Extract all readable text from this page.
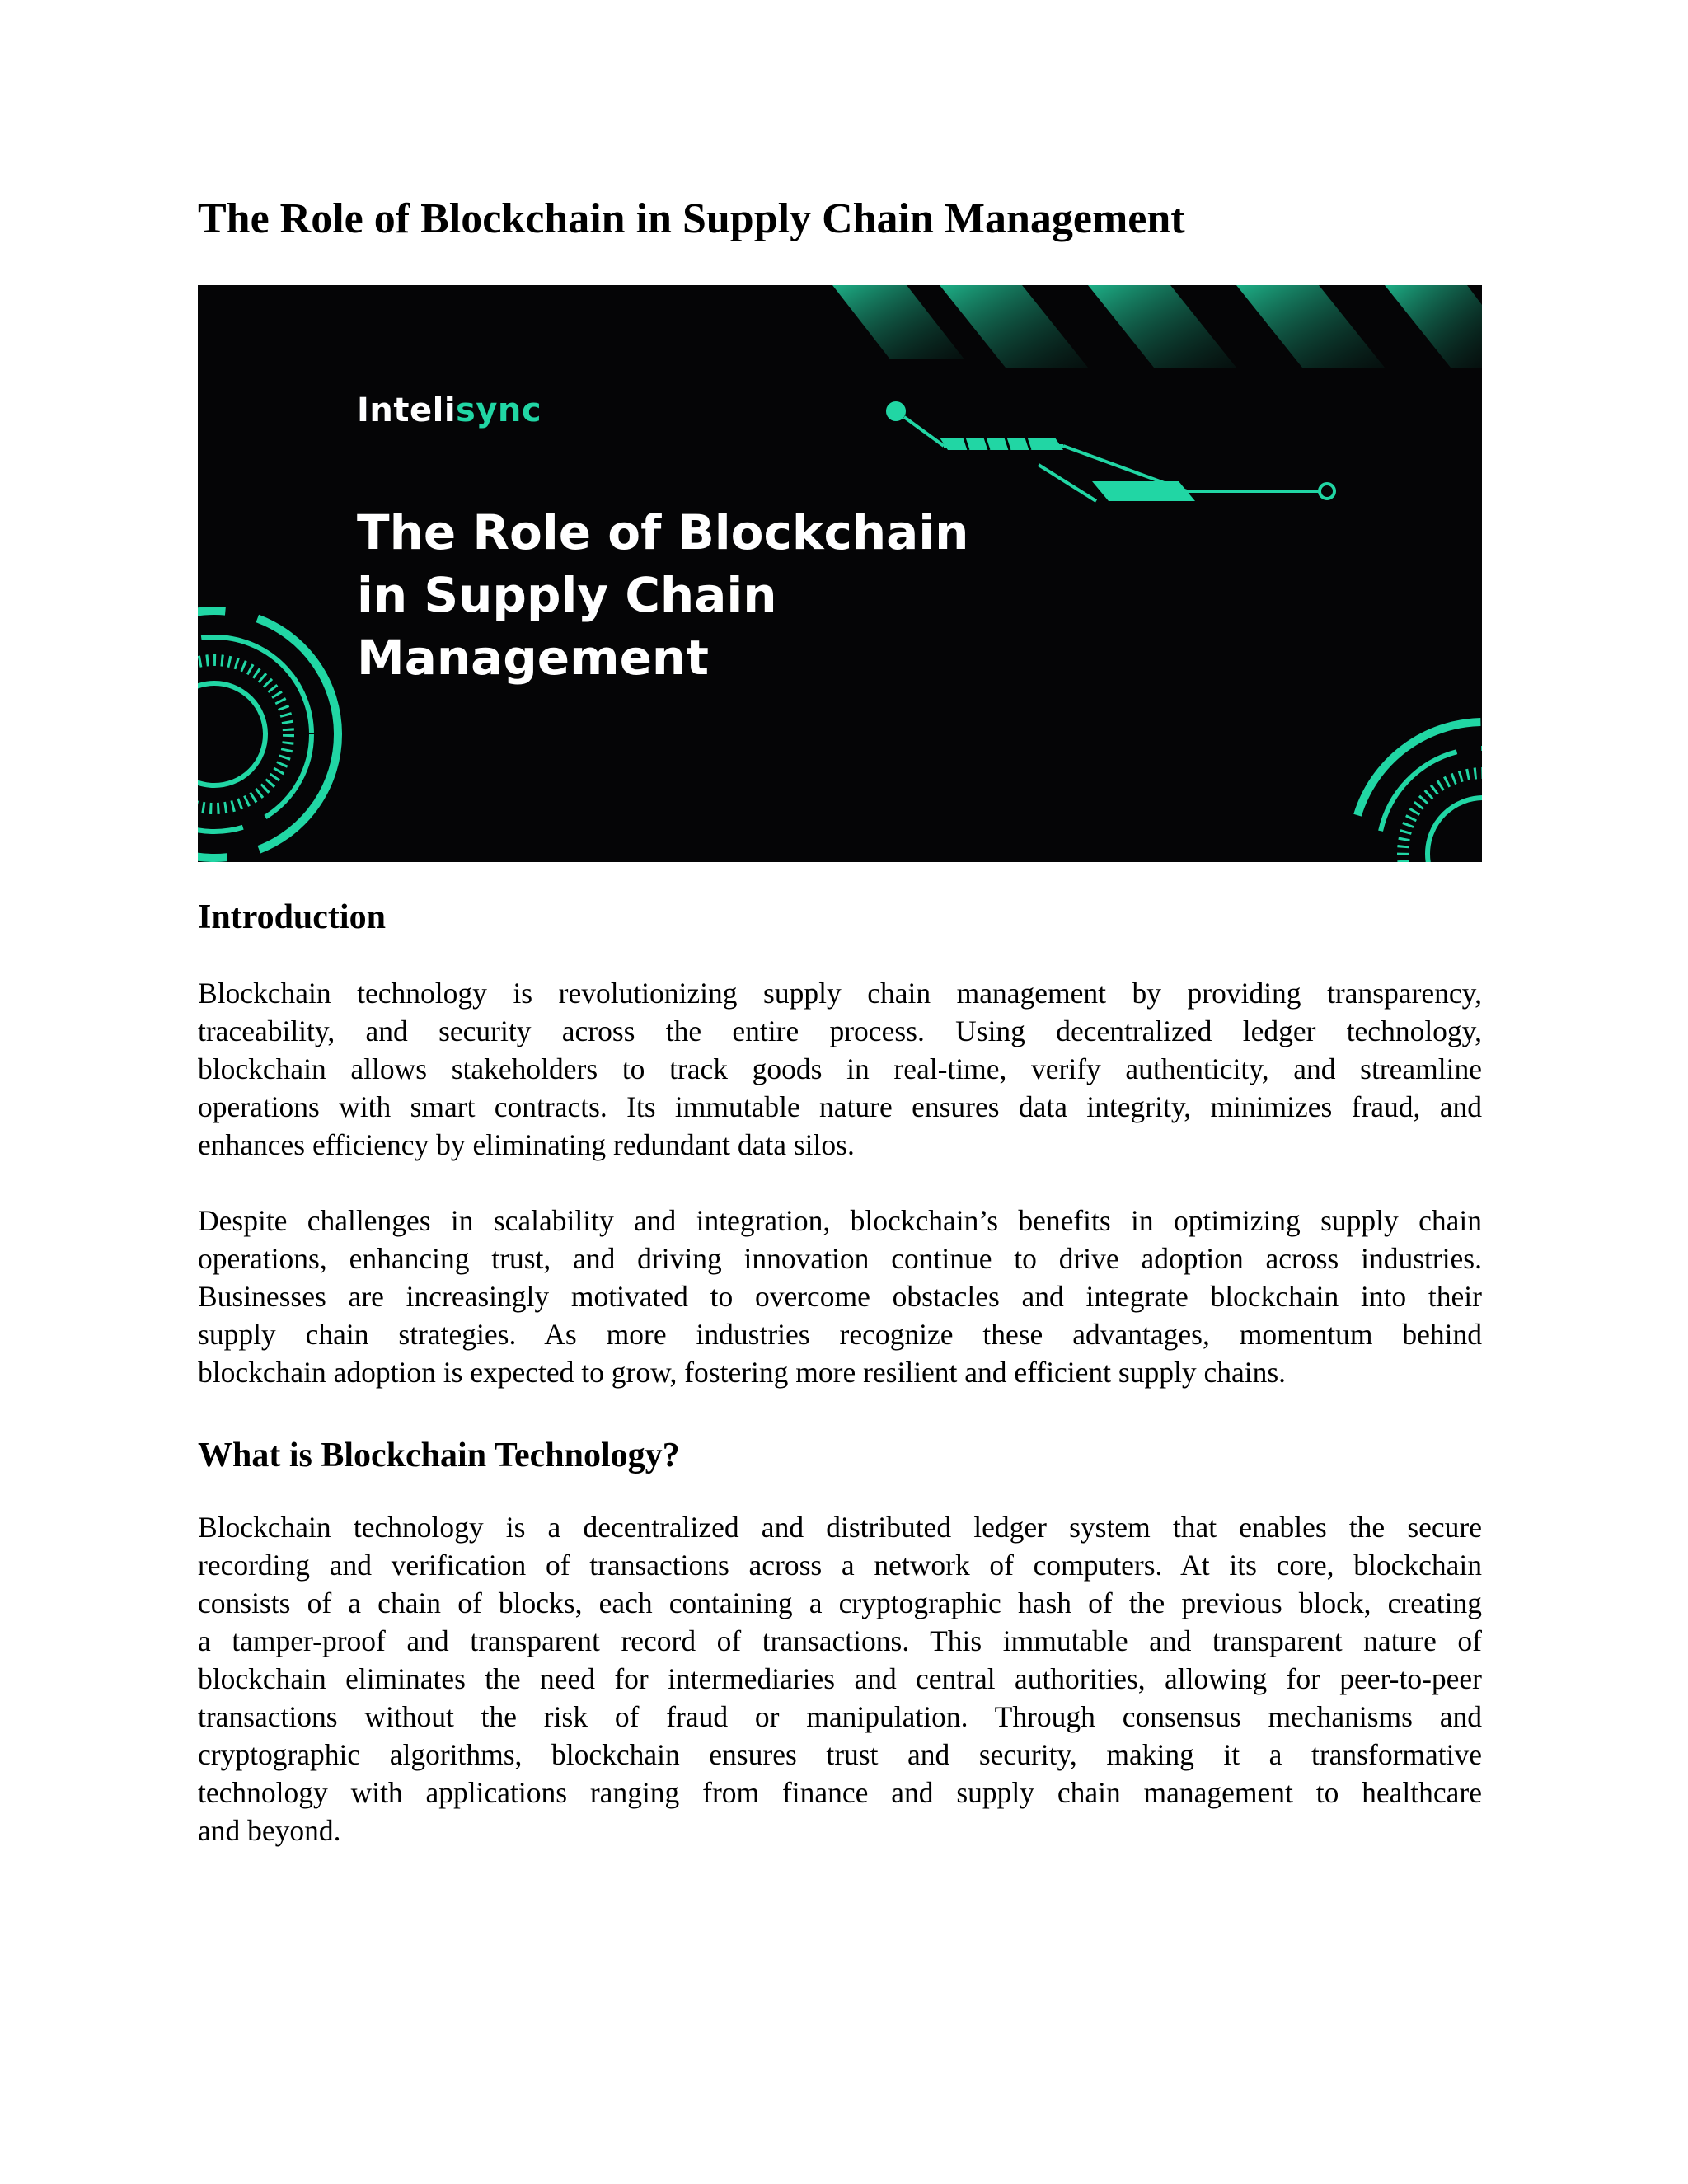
The Role of Blockchain in Supply Chain Management
Intelisync
The Role of Blockchain
in Supply Chain
Management
Introduction

Blockchain technology is revolutionizing supply chain management by providing transparency,
traceability, and security across the entire process. Using decentralized ledger technology,
blockchain allows stakeholders to track goods in real-time, verify authenticity, and streamline
operations with smart contracts. Its immutable nature ensures data integrity, minimizes fraud, and
enhances efficiency by eliminating redundant data silos.

Despite challenges in scalability and integration, blockchain’s benefits in optimizing supply chain
operations, enhancing trust, and driving innovation continue to drive adoption across industries.
Businesses are increasingly motivated to overcome obstacles and integrate blockchain into their
supply chain strategies. As more industries recognize these advantages, momentum behind
blockchain adoption is expected to grow, fostering more resilient and efficient supply chains.

What is Blockchain Technology?

Blockchain technology is a decentralized and distributed ledger system that enables the secure
recording and verification of transactions across a network of computers. At its core, blockchain
consists of a chain of blocks, each containing a cryptographic hash of the previous block, creating
a tamper-proof and transparent record of transactions. This immutable and transparent nature of
blockchain eliminates the need for intermediaries and central authorities, allowing for peer-to-peer
transactions without the risk of fraud or manipulation. Through consensus mechanisms and
cryptographic algorithms, blockchain ensures trust and security, making it a transformative
technology with applications ranging from finance and supply chain management to healthcare
and beyond.
